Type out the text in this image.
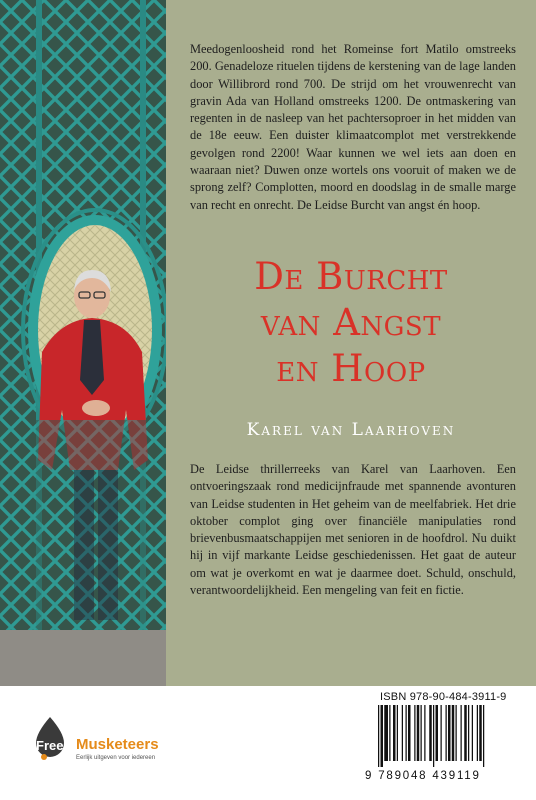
Meedogenloosheid rond het Romeinse fort Matilo omstreeks 200. Genadeloze rituelen tijdens de kerstening van de lage landen door Willibrord rond 700. De strijd om het vrouwenrecht van gravin Ada van Holland omstreeks 1200. De ontmaskering van regenten in de nasleep van het pachtersoproer in het midden van de 18e eeuw. Een duister klimaatcomplot met verstrekkende gevolgen rond 2200! Waar kunnen we wel iets aan doen en waaraan niet? Duwen onze wortels ons vooruit of maken we de sprong zelf? Complotten, moord en doodslag in de smalle marge van recht en onrecht. De Leidse Burcht van angst én hoop.

De Burcht
van Angst
en Hoop
Karel van Laarhoven

De Leidse thrillerreeks van Karel van Laarhoven. Een ontvoeringszaak rond medicijnfraude met spannende avonturen van Leidse studenten in Het geheim van de meelfabriek. Het drie oktober complot ging over financiële manipulaties rond brievenbusmaatschappijen met senioren in de hoofdrol. Nu duikt hij in vijf markante Leidse geschiedenissen. Het gaat de auteur om wat je overkomt en wat je daarmee doet. Schuld, onschuld, verantwoordelijkheid. Een mengeling van feit en fictie.

Free Musketeers
Eerlijk uitgeven voor iedereen
ISBN 978-90-484-3911-9
9 789048 439119
